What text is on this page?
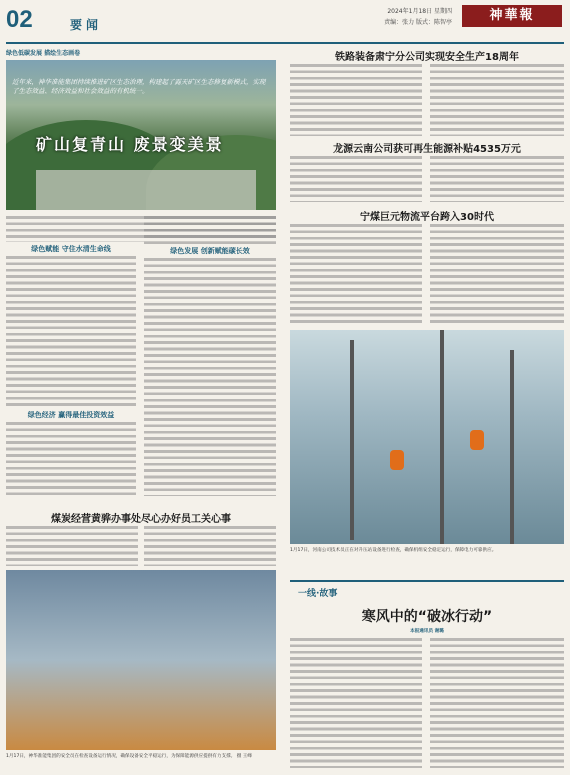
02	要闻
2024年1月18日 星期四
责编：张力 版式：陈智亭	神華報
绿色低碳发展 描绘生态画卷
近年来，神华准能集团持续推进矿区生态治理，构建起了露天矿区生态修复新模式，实现了生态效益、经济效益和社会效益的有机统一。
矿山复青山 废景变美景
绿色赋能 守住水清生命线	绿色发展 创新赋能碳长效
绿色经济 赢得最佳投资效益
煤炭经营黄骅办事处尽心办好员工关心事
1月17日，神华准能集团的安全员在检查设备运行情况，确保设备安全平稳运行，为保障能源供应提供有力支撑。 摄 王峰
铁路装备肃宁分公司实现安全生产18周年
龙源云南公司获可再生能源补贴4535万元
宁煤巨元物流平台跨入30时代
1月17日，河南公司技术员正在对升压站设备进行检查，确保机组安全稳定运行，保障电力可靠供应。
一线·故事
寒风中的“破冰行动”
本报通讯员 谢璐
